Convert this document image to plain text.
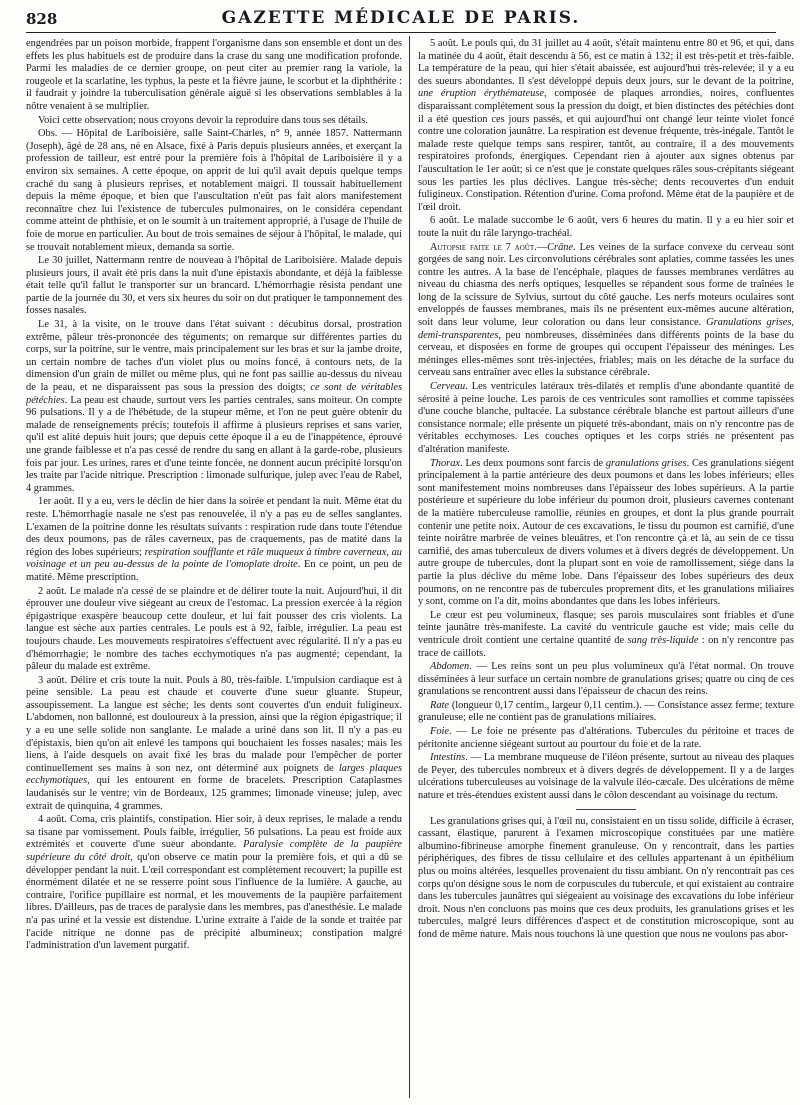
828	GAZETTE MÉDICALE DE PARIS.

engendrées par un poison morbide, frappent l'organisme dans son ensemble et dont un des effets les plus habituels est de produire dans la crase du sang une modification profonde. Parmi les maladies de ce dernier groupe, on peut citer au premier rang la variole, la rougeole et la scarlatine, les typhus, la peste et la fièvre jaune, le scorbut et la diphthérite : il faudrait y joindre la tuberculisation générale aiguë si les observations semblables à la nôtre venaient à se multiplier.

Voici cette observation; nous croyons devoir la reproduire dans tous ses détails.

Obs. — Hôpital de Lariboisière, salle Saint-Charles, n° 9, année 1857. Nattermann (Joseph), âgé de 28 ans, né en Alsace, fixé à Paris depuis plusieurs années, et exerçant la profession de tailleur, est entré pour la première fois à l'hôpital de Lariboisière il y a environ six semaines. A cette époque, on apprit de lui qu'il avait depuis quelque temps craché du sang à plusieurs reprises, et notablement maigri. Il toussait habituellement depuis la même époque, et bien que l'auscultation n'eût pas fait alors manifestement reconnaître chez lui l'existence de tubercules pulmonaires, on le considéra cependant comme atteint de phthisie, et on le soumit à un traitement approprié, à l'usage de l'huile de foie de morue en particulier. Au bout de trois semaines de séjour à l'hôpital, le malade, qui se trouvait notablement mieux, demanda sa sortie.

Le 30 juillet, Nattermann rentre de nouveau à l'hôpital de Lariboisière. Malade depuis plusieurs jours, il avait été pris dans la nuit d'une épistaxis abondante, et déjà la faiblesse était telle qu'il fallut le transporter sur un brancard. L'hémorrhagie résista pendant une partie de la journée du 30, et vers six heures du soir on dut pratiquer le tamponnement des fosses nasales.

Le 31, à la visite, on le trouve dans l'état suivant : décubitus dorsal, prostration extrême, pâleur très-prononcée des téguments; on remarque sur différentes parties du corps, sur la poitrine, sur le ventre, mais principalement sur les bras et sur la jambe droite, un certain nombre de taches d'un violet plus ou moins foncé, à contours nets, de la dimension d'un grain de millet ou même plus, qui ne font pas saillie au-dessus du niveau de la peau, et ne disparaissent pas sous la pression des doigts; ce sont de véritables pétéchies. La peau est chaude, surtout vers les parties centrales, sans moiteur. On compte 96 pulsations. Il y a de l'hébétude, de la stupeur même, et l'on ne peut guère obtenir du malade de renseignements précis; toutefois il affirme à plusieurs reprises et sans varier, qu'il est alité depuis huit jours; que depuis cette époque il a eu de l'inappétence, éprouvé une grande faiblesse et n'a pas cessé de rendre du sang en allant à la garde-robe, plusieurs fois par jour. Les urines, rares et d'une teinte foncée, ne donnent aucun précipité lorsqu'on les traite par l'acide nitrique. Prescription : limonade sulfurique, julep avec l'eau de Rabel, 4 grammes.

1er août. Il y a eu, vers le déclin de hier dans la soirée et pendant la nuit. Même état du reste. L'hémorrhagie nasale ne s'est pas renouvelée, il n'y a pas eu de selles sanglantes. L'examen de la poitrine donne les résultats suivants : respiration rude dans toute l'étendue des deux poumons, pas de râles caverneux, pas de craquements, pas de matité dans la région des lobes supérieurs; respiration soufflante et râle muqueux à timbre caverneux, au voisinage et un peu au-dessus de la pointe de l'omoplate droite. En ce point, un peu de matité. Même prescription.

2 août. Le malade n'a cessé de se plaindre et de délirer toute la nuit. Aujourd'hui, il dit éprouver une douleur vive siégeant au creux de l'estomac. La pression exercée à la région épigastrique exaspère beaucoup cette douleur, et lui fait pousser des cris violents. La langue est sèche aux parties centrales. Le pouls est à 92, faible, irrégulier. La peau est toujours chaude. Les mouvements respiratoires s'effectuent avec régularité. Il n'y a pas eu d'hémorrhagie; le nombre des taches ecchymotiques n'a pas augmenté; cependant, la pâleur du malade est extrême.

3 août. Délire et cris toute la nuit. Pouls à 80, très-faible. L'impulsion cardiaque est à peine sensible. La peau est chaude et couverte d'une sueur gluante. Stupeur, assoupissement. La langue est sèche; les dents sont couvertes d'un enduit fuligineux. L'abdomen, non ballonné, est douloureux à la pression, ainsi que la région épigastrique; il y a eu une selle solide non sanglante. Le malade a uriné dans son lit. Il n'y a pas eu d'épistaxis, bien qu'on ait enlevé les tampons qui bouchaient les fosses nasales; mais les liens, à l'aide desquels on avait fixé les bras du malade pour l'empêcher de porter continuellement ses mains à son nez, ont déterminé aux poignets de larges plaques ecchymotiques, qui les entourent en forme de bracelets. Prescription Cataplasmes laudanisés sur le ventre; vin de Bordeaux, 125 grammes; limonade vineuse; julep, avec extrait de quinquina, 4 grammes.

4 août. Coma, cris plaintifs, constipation. Hier soir, à deux reprises, le malade a rendu sa tisane par vomissement. Pouls faible, irrégulier, 56 pulsations. La peau est froide aux extrémités et couverte d'une sueur abondante. Paralysie complète de la paupière supérieure du côté droit, qu'on observe ce matin pour la première fois, et qui a dû se développer pendant la nuit. L'œil correspondant est complètement recouvert; la pupille est énormément dilatée et ne se resserre point sous l'influence de la lumière. A gauche, au contraire, l'orifice pupillaire est normal, et les mouvements de la paupière parfaitement libres. D'ailleurs, pas de traces de paralysie dans les membres, pas d'anesthésie. Le malade n'a pas uriné et la vessie est distendue. L'urine extraite à l'aide de la sonde et traitée par l'acide nitrique ne donne pas de précipité albumineux; constipation malgré l'administration d'un lavement purgatif.

5 août. Le pouls qui, du 31 juillet au 4 août, s'était maintenu entre 80 et 96, et qui, dans la matinée du 4 août, était descendu à 56, est ce matin à 132; il est très-petit et très-faible. La température de la peau, qui hier s'était abaissée, est aujourd'hui très-relevée; il y a eu des sueurs abondantes. Il s'est développé depuis deux jours, sur le devant de la poitrine, une éruption érythémateuse, composée de plaques arrondies, noires, confluentes disparaissant complétement sous la pression du doigt, et bien distinctes des pétéchies dont il a été question ces jours passés, et qui aujourd'hui ont changé leur teinte violet foncé contre une coloration jaunâtre. La respiration est devenue fréquente, très-inégale. Tantôt le malade reste quelque temps sans respirer, tantôt, au contraire, il a des mouvements respiratoires profonds, énergiques. Cependant rien à ajouter aux signes obtenus par l'auscultation le 1er août; si ce n'est que je constate quelques râles sous-crépitants siégeant sous les parties les plus déclives. Langue très-sèche; dents recouvertes d'un enduit fuligineux. Constipation. Rétention d'urine. Coma profond. Même état de la paupière et de l'œil droit.

6 août. Le malade succombe le 6 août, vers 6 heures du matin. Il y a eu hier soir et toute la nuit du râle laryngo-trachéal.

Autopsie faite le 7 août.—Crâne. Les veines de la surface convexe du cerveau sont gorgées de sang noir. Les circonvolutions cérébrales sont aplaties, comme tassées les unes contre les autres. A la base de l'encéphale, plaques de fausses membranes verdâtres au niveau du chiasma des nerfs optiques, lesquelles se répandent sous forme de traînées le long de la scissure de Sylvius, surtout du côté gauche. Les nerfs moteurs oculaires sont enveloppés de fausses membranes, mais ils ne présentent eux-mêmes aucune altération, soit dans leur volume, leur coloration ou dans leur consistance. Granulations grises, demi-transparentes, peu nombreuses, disséminées dans différents points de la base du cerveau, et disposées en forme de groupes qui occupent l'épaisseur des méninges. Les méninges elles-mêmes sont très-injectées, friables; mais on les détache de la surface du cerveau sans entraîner avec elles la substance cérébrale.

Cerveau. Les ventricules latéraux très-dilatés et remplis d'une abondante quantité de sérosité à peine louche. Les parois de ces ventricules sont ramollies et comme tapissées d'une couche blanche, pultacée. La substance cérébrale blanche est partout ailleurs d'une consistance normale; elle présente un piqueté très-abondant, mais on n'y rencontre pas de véritables ecchymoses. Les couches optiques et les corps striés ne présentent pas d'altération manifeste.

Thorax. Les deux poumons sont farcis de granulations grises. Ces granulations siégent principalement à la partie antérieure des deux poumons et dans les lobes inférieurs; elles sont manifestement moins nombreuses dans l'épaisseur des lobes supérieurs. A la partie postérieure et supérieure du lobe inférieur du poumon droit, plusieurs cavernes contenant de la matière tuberculeuse ramollie, réunies en groupes, et dont la plus grande pourrait contenir une petite noix. Autour de ces excavations, le tissu du poumon est carnifié, d'une teinte noirâtre marbrée de veines bleuâtres, et l'on rencontre çà et là, au sein de ce tissu carnifié, des amas tuberculeux de divers volumes et à divers degrés de développement. Un autre groupe de tubercules, dont la plupart sont en voie de ramollissement, siége dans la partie la plus déclive du même lobe. Dans l'épaisseur des lobes supérieurs des deux poumons, on ne rencontre pas de tubercules proprement dits, et les granulations miliaires y sont, comme on l'a dit, moins abondantes que dans les lobes inférieurs.

Le cœur est peu volumineux, flasque; ses parois musculaires sont friables et d'une teinte jaunâtre très-manifeste. La cavité du ventricule gauche est vide; mais celle du ventricule droit contient une certaine quantité de sang très-liquide : on n'y rencontre pas trace de caillots.

Abdomen. — Les reins sont un peu plus volumineux qu'à l'état normal. On trouve disséminées à leur surface un certain nombre de granulations grises; quatre ou cinq de ces granulations se rencontrent aussi dans l'épaisseur de chacun des reins.

Rate (longueur 0,17 centim., largeur 0,11 centim.). — Consistance assez ferme; texture granuleuse; elle ne contient pas de granulations miliaires.

Foie. — Le foie ne présente pas d'altérations. Tubercules du péritoine et traces de péritonite ancienne siégeant surtout au pourtour du foie et de la rate.

Intestins. — La membrane muqueuse de l'iléon présente, surtout au niveau des plaques de Peyer, des tubercules nombreux et à divers degrés de développement. Il y a de larges ulcérations tuberculeuses au voisinage de la valvule iléo-cæcale. Des ulcérations de même nature et très-étendues existent aussi dans le côlon descendant au voisinage du rectum.

Les granulations grises qui, à l'œil nu, consistaient en un tissu solide, difficile à écraser, cassant, élastique, parurent à l'examen microscopique constituées par une matière albumino-fibrineuse amorphe finement granuleuse. On y rencontrait, dans les parties périphériques, des fibres de tissu cellulaire et des cellules appartenant à un épithélium plus ou moins altérées, lesquelles provenaient du tissu ambiant. On n'y rencontrait pas ces corps qu'on désigne sous le nom de corpuscules du tubercule, et qui existaient au contraire dans les tubercules jaunâtres qui siégeaient au voisinage des excavations du lobe inférieur droit. Nous n'en concluons pas moins que ces deux produits, les granulations grises et les tubercules, malgré leurs différences d'aspect et de constitution microscopique, sont au fond de même nature. Mais nous touchons là une question que nous ne voulons pas abor-
